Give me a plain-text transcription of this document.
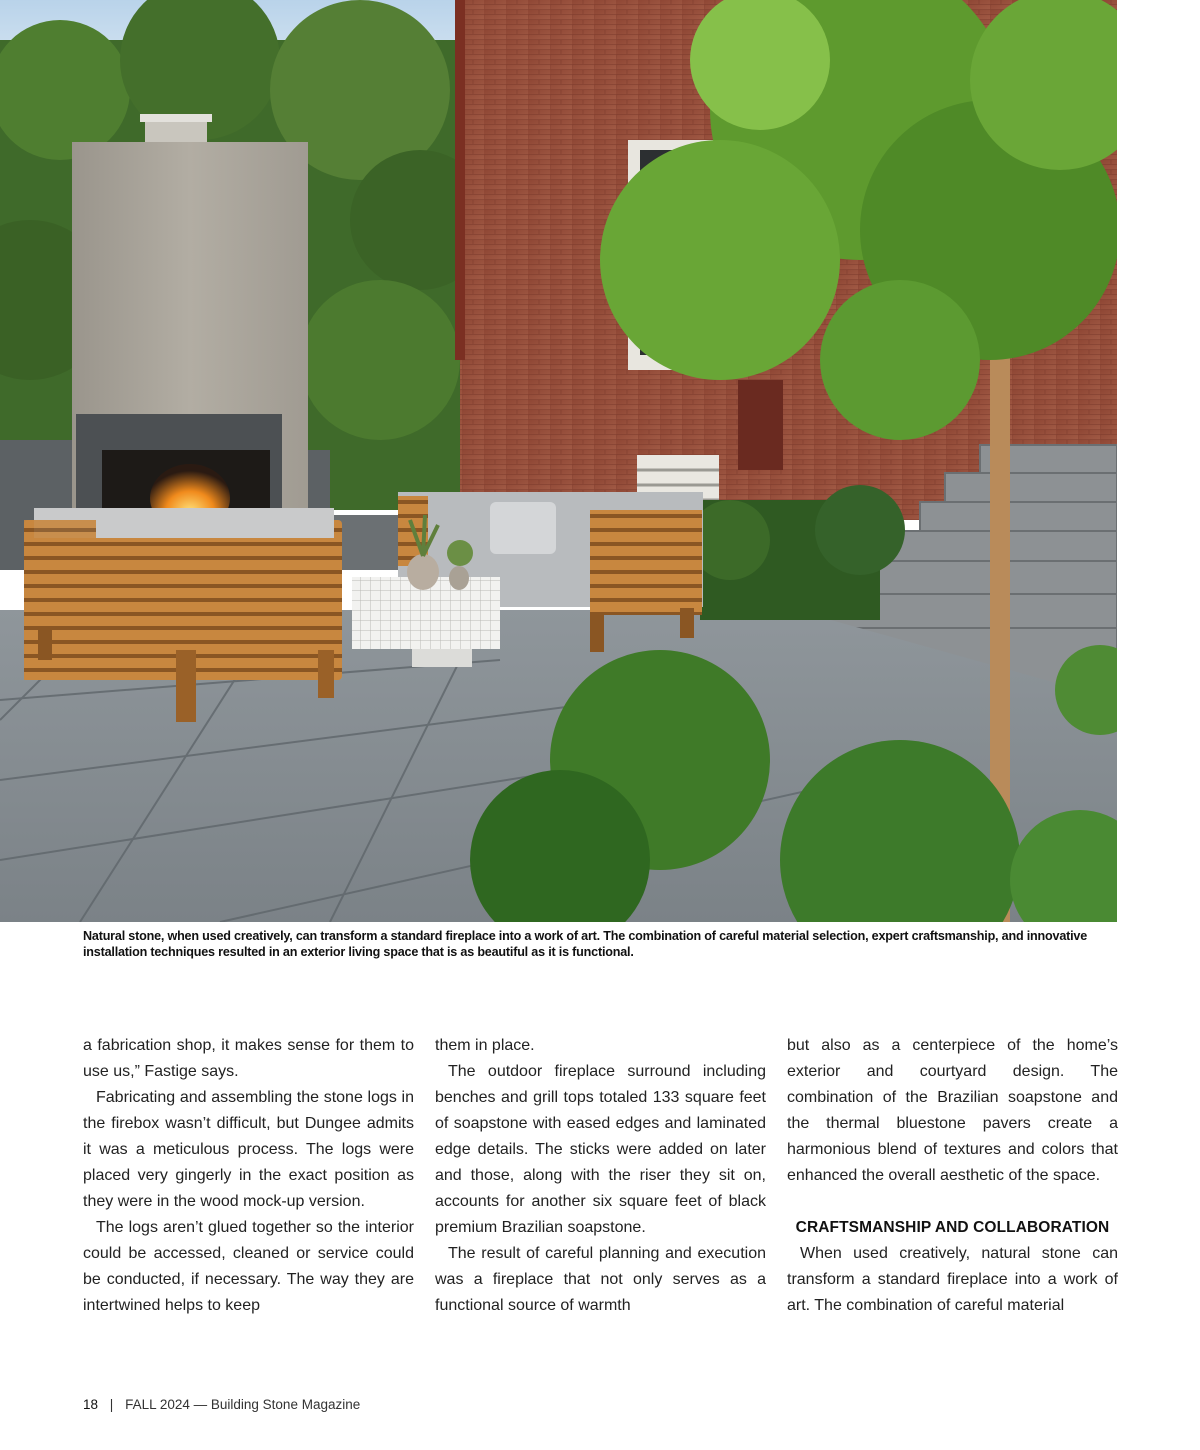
Natural stone, when used creatively, can transform a standard fireplace into a work of art. The combination of careful material selection, expert craftsmanship, and innovative installation techniques resulted in an exterior living space that is as beautiful as it is functional.

a fabrication shop, it makes sense for them to use us,” Fastige says.

Fabricating and assembling the stone logs in the firebox wasn’t difficult, but Dungee admits it was a meticulous process. The logs were placed very gingerly in the exact position as they were in the wood mock-up version.

The logs aren’t glued together so the interior could be accessed, cleaned or service could be conducted, if necessary. The way they are intertwined helps to keep

them in place.

The outdoor fireplace surround including benches and grill tops totaled 133 square feet of soapstone with eased edges and laminated edge details. The sticks were added on later and those, along with the riser they sit on, accounts for another six square feet of black premium Brazilian soapstone.

The result of careful planning and execution was a fireplace that not only serves as a functional source of warmth

but also as a centerpiece of the home’s exterior and courtyard design. The combination of the Brazilian soapstone and the thermal bluestone pavers create a harmonious blend of textures and colors that enhanced the overall aesthetic of the space.

CRAFTSMANSHIP AND COLLABORATION

When used creatively, natural stone can transform a standard fireplace into a work of art. The combination of careful material

18 | FALL 2024 — Building Stone Magazine
